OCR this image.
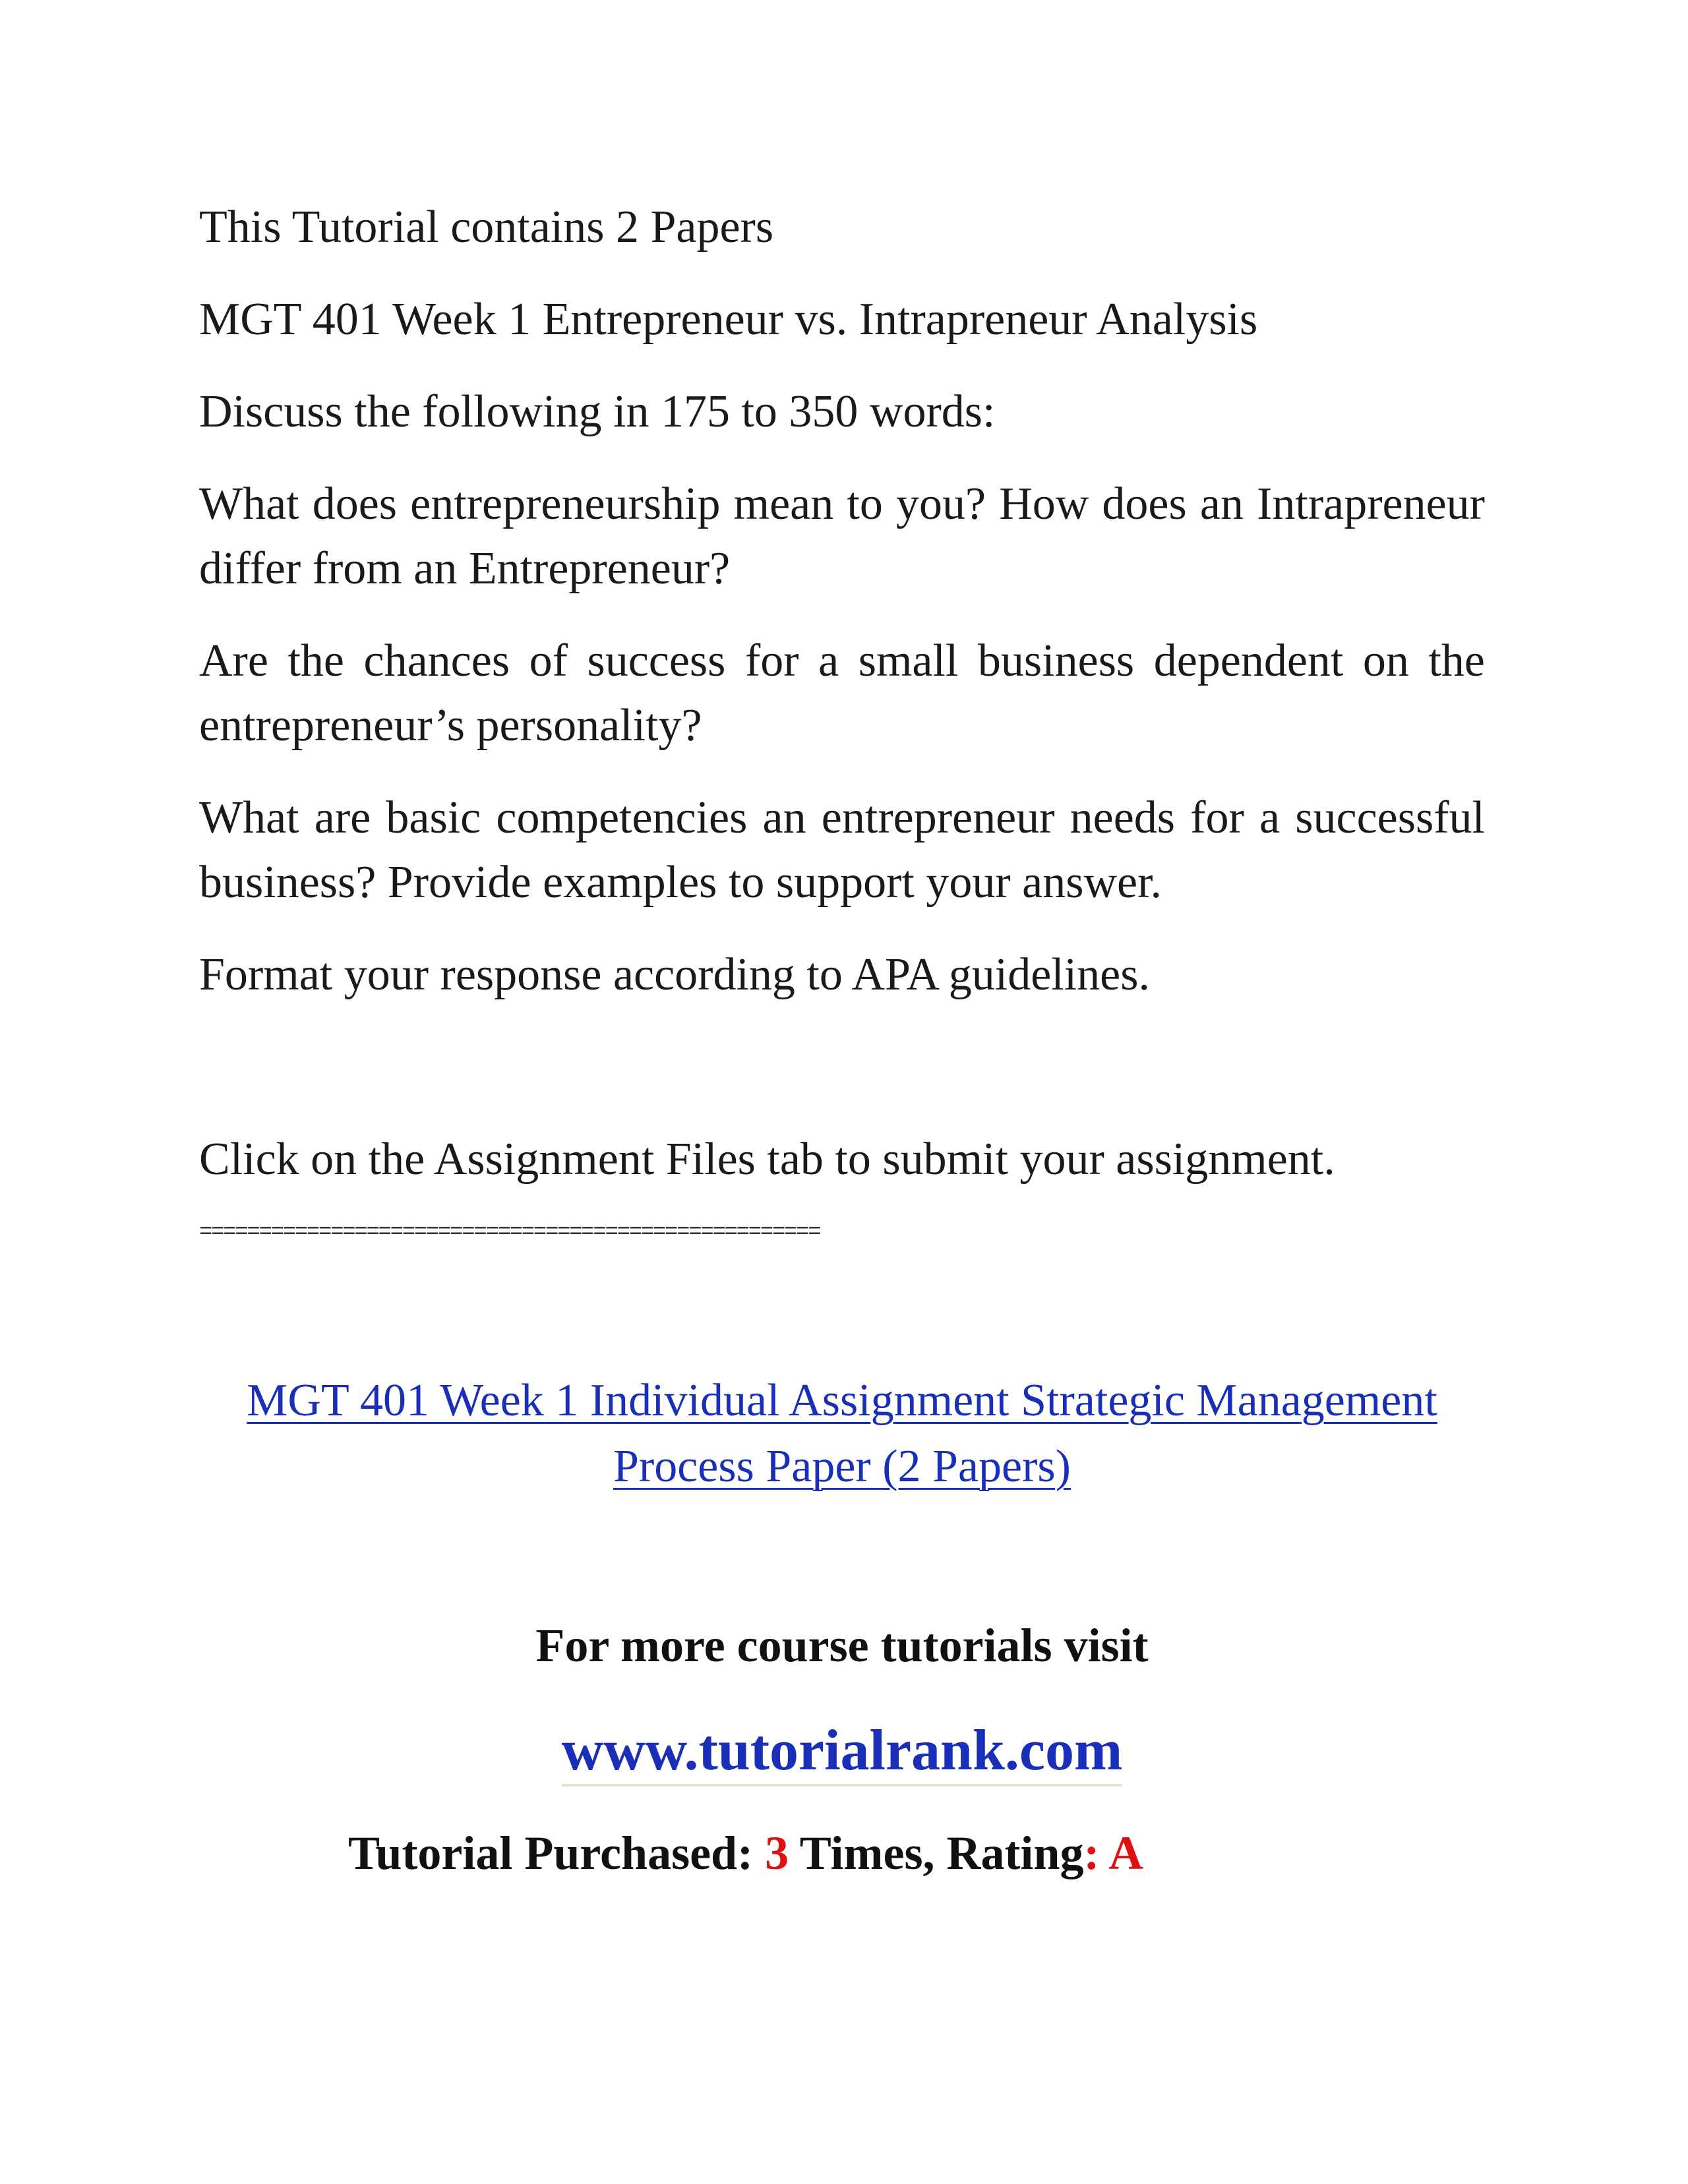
This Tutorial contains 2 Papers

MGT 401 Week 1 Entrepreneur vs. Intrapreneur Analysis

Discuss the following in 175 to 350 words:

What does entrepreneurship mean to you? How does an Intrapreneur differ from an Entrepreneur?

Are the chances of success for a small business dependent on the entrepreneur’s personality?

What are basic competencies an entrepreneur needs for a successful business? Provide examples to support your answer.

Format your response according to APA guidelines.

Click on the Assignment Files tab to submit your assignment.

====================================================

MGT 401 Week 1 Individual Assignment Strategic Management Process Paper (2 Papers)
For more course tutorials visit
www.tutorialrank.com
Tutorial Purchased: 3 Times, Rating: A
